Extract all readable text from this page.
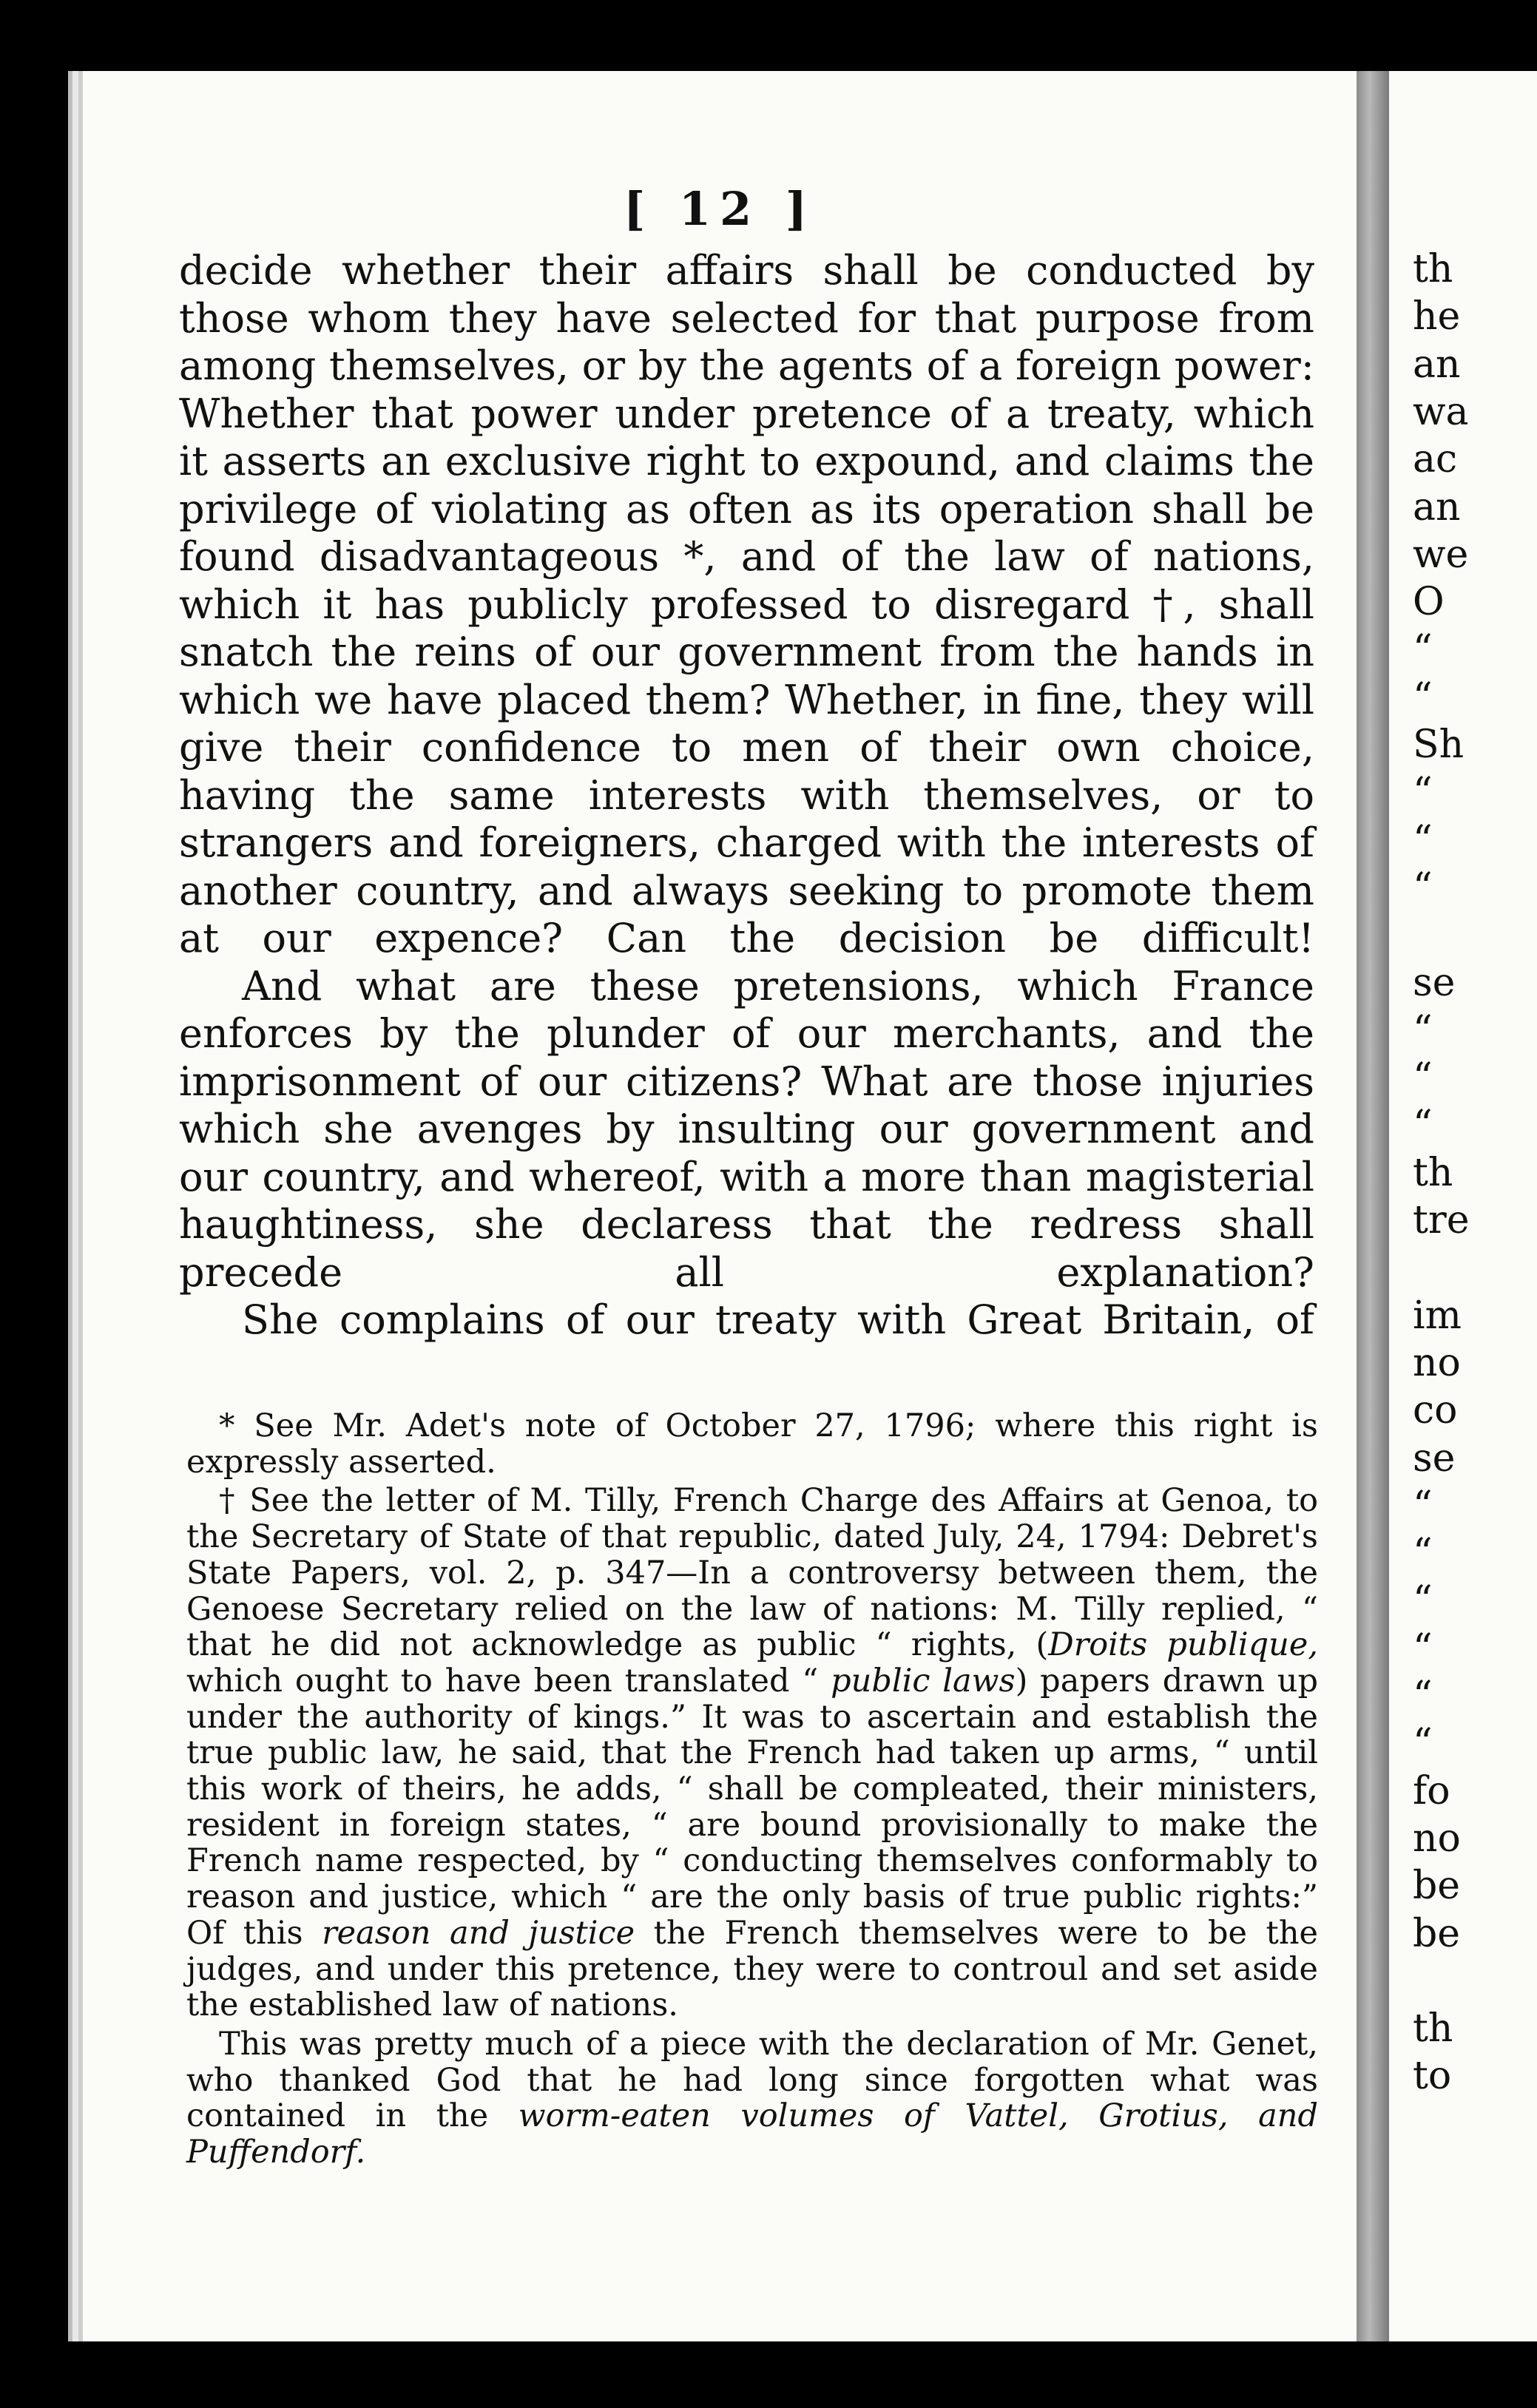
[ 12 ]

decide whether their affairs shall be conducted by those whom they have selected for that purpose from among themselves, or by the agents of a foreign power: Whether that power under pretence of a treaty, which it asserts an exclusive right to expound, and claims the privilege of violating as often as its operation shall be found disadvantageous *, and of the law of nations, which it has publicly professed to disregard †, shall snatch the reins of our government from the hands in which we have placed them? Whether, in fine, they will give their confidence to men of their own choice, having the same interests with themselves, or to strangers and foreigners, charged with the interests of another country, and always seeking to promote them at our expence? Can the decision be difficult!

And what are these pretensions, which France enforces by the plunder of our merchants, and the imprisonment of our citizens? What are those injuries which she avenges by insulting our government and our country, and whereof, with a more than magisterial haughtiness, she declaress that the redress shall precede all explanation?

She complains of our treaty with Great Britain, of

* See Mr. Adet's note of October 27, 1796; where this right is expressly asserted.

† See the letter of M. Tilly, French Charge des Affairs at Genoa, to the Secretary of State of that republic, dated July, 24, 1794: Debret's State Papers, vol. 2, p. 347—In a controversy between them, the Genoese Secretary relied on the law of nations: M. Tilly replied, “ that he did not acknowledge as public “ rights, (Droits publique, which ought to have been translated “ public laws) papers drawn up under the authority of kings.” It was to ascertain and establish the true public law, he said, that the French had taken up arms, “ until this work of theirs, he adds, “ shall be compleated, their ministers, resident in foreign states, “ are bound provisionally to make the French name respected, by “ conducting themselves conformably to reason and justice, which “ are the only basis of true public rights:” Of this reason and justice the French themselves were to be the judges, and under this pretence, they were to controul and set aside the established law of nations.

This was pretty much of a piece with the declaration of Mr. Genet, who thanked God that he had long since forgotten what was contained in the worm-eaten volumes of Vattel, Grotius, and Puffendorf.

th
he
an
wa
ac
an
we
O
“
“
Sh
“
“
“
se
“
“
“
th
tre
im
no
co
se
“
“
“
“
“
“
fo
no
be
be
th
to
